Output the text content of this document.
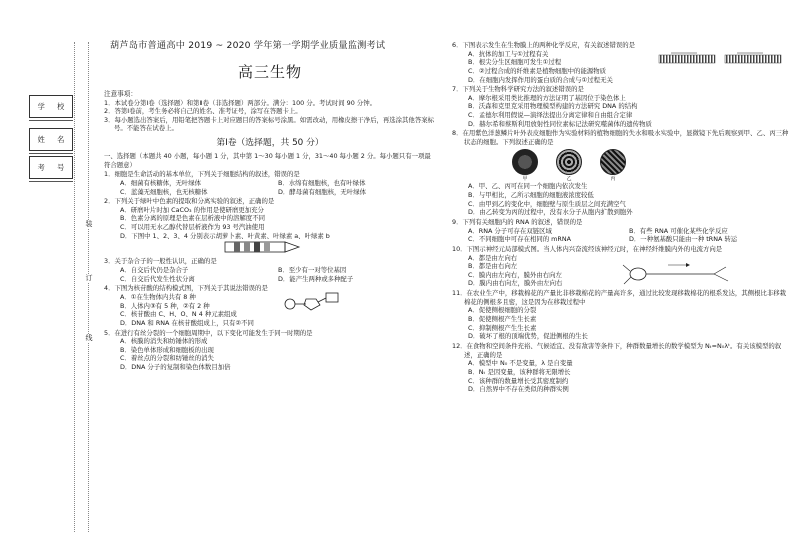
学 校
姓 名
考 号
装
订
线
葫芦岛市普通高中 2019 ~ 2020 学年第一学期学业质量监测考试
高三生物
注意事项：
1．本试卷分第Ⅰ卷（选择题）和第Ⅱ卷（非选择题）两部分。满分：100 分。考试时间 90 分钟。
2．答第Ⅰ卷前，考生务必将自己的姓名、准考证号，涂写在答题卡上。
3．每小题选出答案后，用铅笔把答题卡上对应题目的答案标号涂黑。如需改动，用橡皮擦干净后，再选涂其他答案标号。不能答在试卷上。
第Ⅰ卷（选择题，共 50 分）
一、选择题（本题共 40 小题，每小题 1 分，其中第 1～30 每小题 1 分，31～40 每小题 2 分。每小题只有一项最符合题意）
1．细胞是生命活动的基本单位，下列关于细胞结构的叙述，错误的是
A．细菌有核糖体，无叶绿体	B．水绵有细胞核，也有叶绿体
C．蓝藻无细胞核，也无核糖体	D．酵母菌有细胞核，无叶绿体
2．下列关于绿叶中色素的提取和分离实验的叙述，正确的是
A．研磨叶片时加 CaCO₃ 的作用是使研磨更加充分
B．色素分离的原理是色素在层析液中的溶解度不同
C．可以用无水乙醇代替层析液作为 93 号汽油使用
D．下图中 1、2、3、4 分别表示胡萝卜素、叶黄素、叶绿素 a、叶绿素 b
3．关于杂合子的一般性认识，正确的是
A．自交后代仍是杂合子	B．至少有一对等位基因
C．自交后代发生性状分离	D．能产生两种或多种配子
4．下图为核苷酸的结构模式图，下列关于其说法错误的是
A．①在生物体内共有 8 种
B．人体内③有 5 种，②有 2 种
C．核苷酸由 C、H、O、N 4 种元素组成
D．DNA 和 RNA 在核苷酸组成上，只有②不同
5．在进行有丝分裂的一个细胞周期中，以下变化可能发生于同一时期的是
A．核膜的消失和纺锤体的形成
B．染色单体形成和细胞板的出现
C．着丝点的分裂和纺锤丝的消失
D．DNA 分子的复制和染色体数目加倍
6．下图表示发生在生物膜上的两种化学反应，有关叙述错误的是
A．抗体的加工与①过程有关
B．根尖分生区细胞可发生①过程
C．②过程合成的纤维素是植物细胞中的能源物质
D．在细胞内发挥作用的蛋白质的合成与①过程无关
7．下列关于生物科学研究方法的叙述错误的是
A．摩尔根采用类比推理的方法证明了基因位于染色体上
B．沃森和克里克采用物理模型构建的方法研究 DNA 的结构
C．孟德尔利用假说—演绎法提出分离定律和自由组合定律
D．赫尔希和蔡斯利用放射性同位素标记法研究噬菌体的遗传物质
8．在用紫色洋葱鳞片叶外表皮细胞作为实验材料的植物细胞的失水和吸水实验中，显微镜下先后观察到甲、乙、丙三种状态的细胞。下列叙述正确的是
甲	乙	丙
A．甲、乙、丙可在同一个细胞内依次发生
B．与甲相比，乙所示细胞的细胞液浓度较低
C．由甲到乙的变化中，细胞壁与原生质层之间充满空气
D．由乙转变为丙的过程中，没有水分子从胞内扩散到胞外
9．下列有关细胞内的 RNA 的叙述，错误的是
A．RNA 分子可存在双链区域	B．有些 RNA 可催化某些化学反应
C．不同细胞中可存在相同的 mRNA	D．一种氨基酸只能由一种 tRNA 转运
10．下图示神经元局部模式图。当人体内兴奋流经该神经元时，在神经纤维膜内外的电流方向是
A．都是由左向右
B．都是由右向左
C．膜内由左向右，膜外由右向左
D．膜内由右向左，膜外由左向右
11．在农业生产中，移栽棉花的产量比非移栽棉花的产量高许多，通过比较发现移栽棉花的根系发达，其侧根比非移栽棉花的侧根多且密，这是因为在移栽过程中
A．促使侧根细胞的分裂
B．促使侧根产生生长素
C．抑制侧根产生生长素
D．破坏了根的顶端优势，促进侧根的生长
12．在食物和空间条件充裕、气候适宜、没有敌害等条件下，种群数量增长的数学模型为 Nₜ=N₀λᵗ。有关该模型的叙述，正确的是
A．模型中 N₀ 不是变量，λ 是自变量
B．Nₜ 是因变量，该种群将无限增长
C．该种群的数量增长受其密度制约
D．自然界中不存在类似的种群实例
